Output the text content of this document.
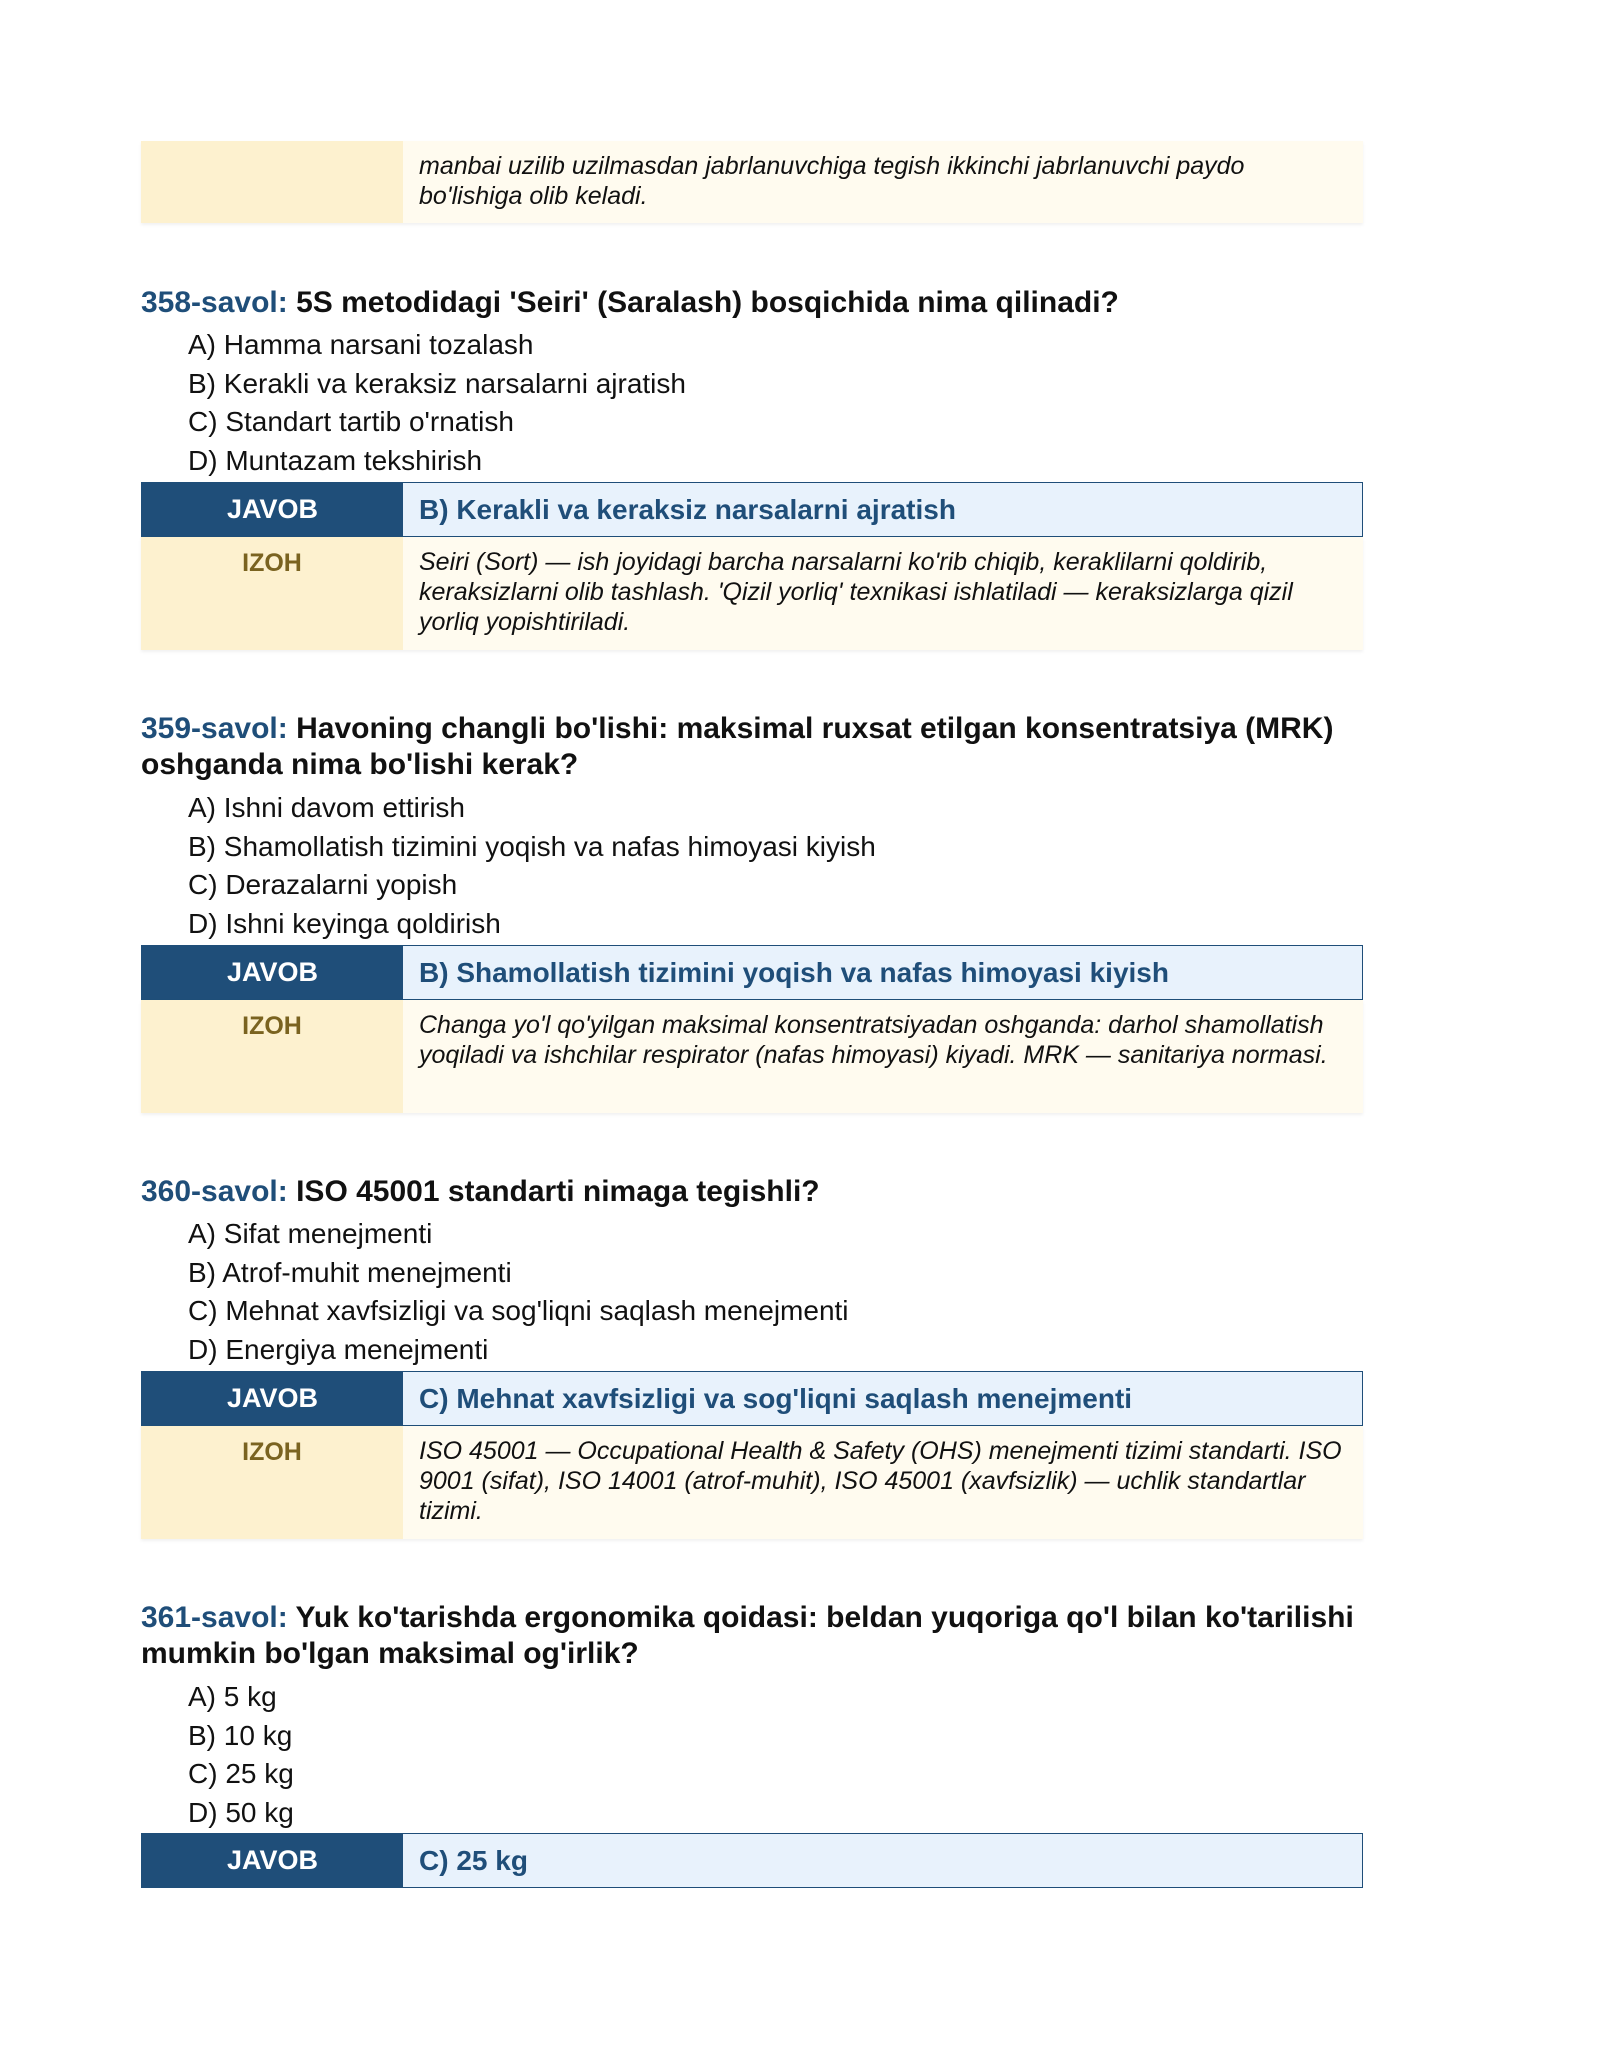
manbai uzilib uzilmasdan jabrlanuvchiga tegish ikkinchi jabrlanuvchi paydo bo'lishiga olib keladi.
358-savol: 5S metodidagi 'Seiri' (Saralash) bosqichida nima qilinadi?
A) Hamma narsani tozalash
B) Kerakli va keraksiz narsalarni ajratish
C) Standart tartib o'rnatish
D) Muntazam tekshirish
JAVOB	B) Kerakli va keraksiz narsalarni ajratish
IZOH	Seiri (Sort) — ish joyidagi barcha narsalarni ko'rib chiqib, keraklilarni qoldirib, keraksizlarni olib tashlash. 'Qizil yorliq' texnikasi ishlatiladi — keraksizlarga qizil yorliq yopishtiriladi.
359-savol: Havoning changli bo'lishi: maksimal ruxsat etilgan konsentratsiya (MRK) oshganda nima bo'lishi kerak?
A) Ishni davom ettirish
B) Shamollatish tizimini yoqish va nafas himoyasi kiyish
C) Derazalarni yopish
D) Ishni keyinga qoldirish
JAVOB	B) Shamollatish tizimini yoqish va nafas himoyasi kiyish
IZOH	Changa yo'l qo'yilgan maksimal konsentratsiyadan oshganda: darhol shamollatish yoqiladi va ishchilar respirator (nafas himoyasi) kiyadi. MRK — sanitariya normasi.
360-savol: ISO 45001 standarti nimaga tegishli?
A) Sifat menejmenti
B) Atrof-muhit menejmenti
C) Mehnat xavfsizligi va sog'liqni saqlash menejmenti
D) Energiya menejmenti
JAVOB	C) Mehnat xavfsizligi va sog'liqni saqlash menejmenti
IZOH	ISO 45001 — Occupational Health & Safety (OHS) menejmenti tizimi standarti. ISO 9001 (sifat), ISO 14001 (atrof-muhit), ISO 45001 (xavfsizlik) — uchlik standartlar tizimi.
361-savol: Yuk ko'tarishda ergonomika qoidasi: beldan yuqoriga qo'l bilan ko'tarilishi mumkin bo'lgan maksimal og'irlik?
A) 5 kg
B) 10 kg
C) 25 kg
D) 50 kg
JAVOB	C) 25 kg
